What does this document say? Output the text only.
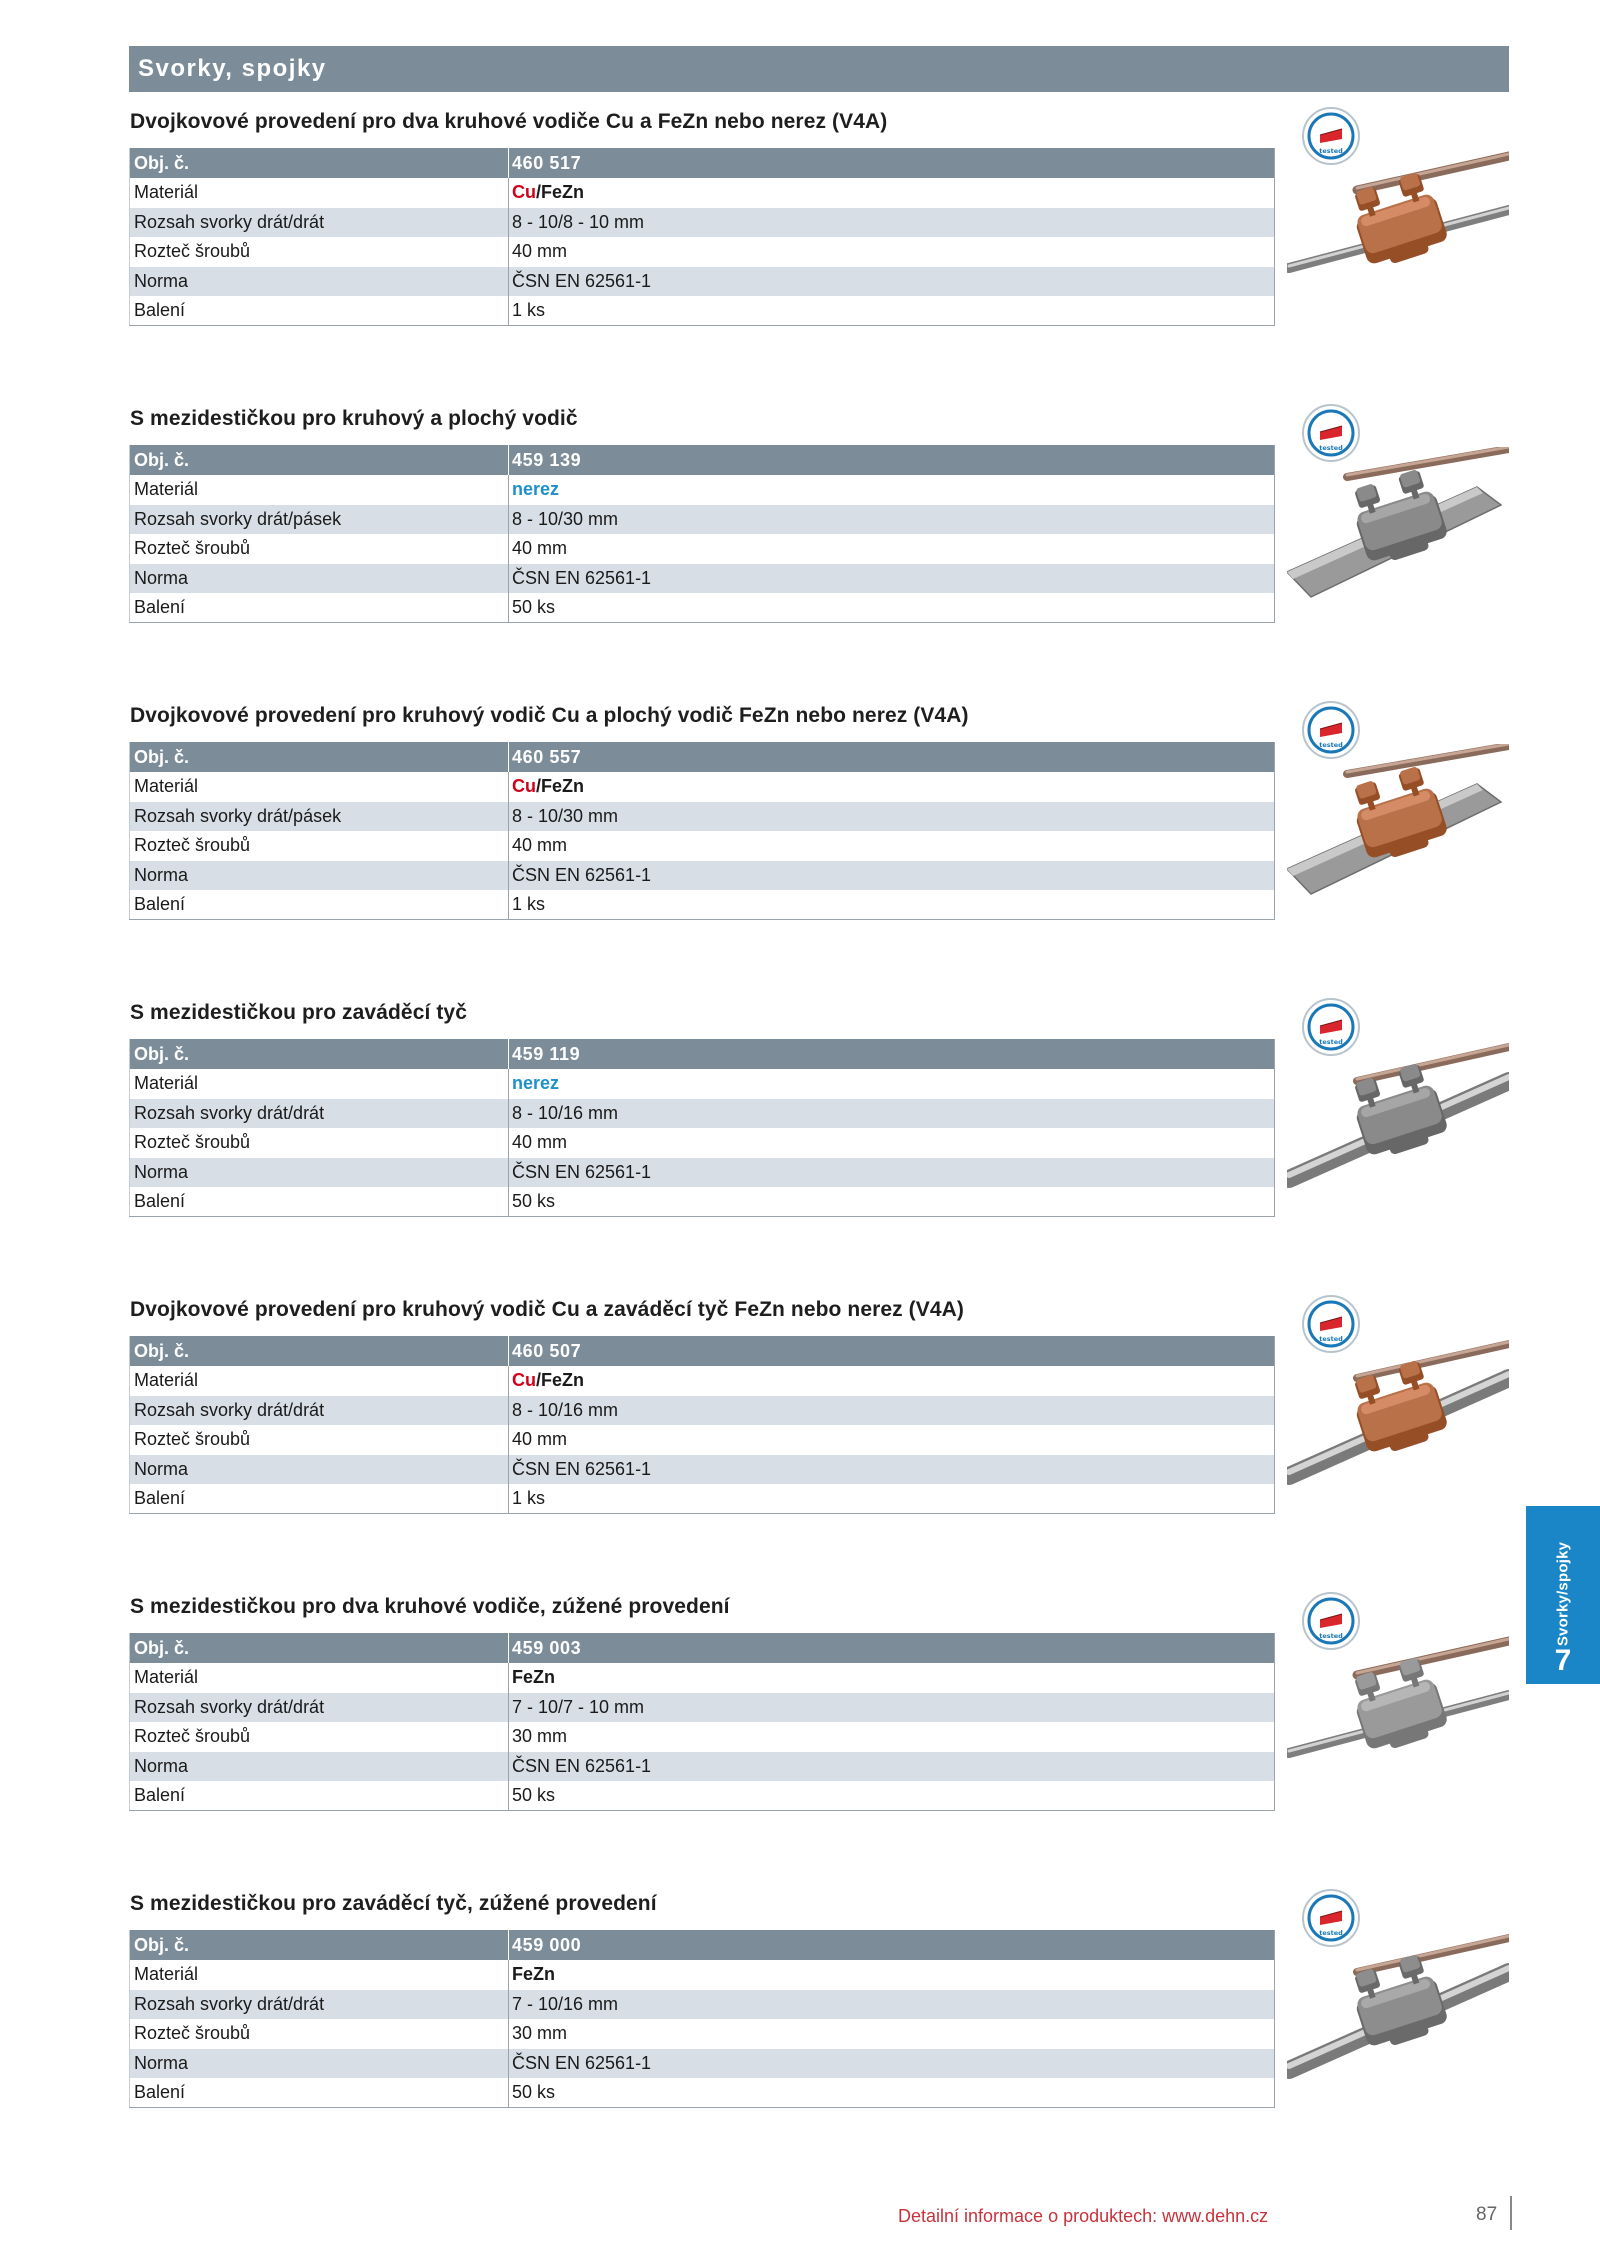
Svorky, spojky
Dvojkovové provedení pro dva kruhové vodiče Cu a FeZn nebo nerez (V4A)
Obj. č.	460 517
Materiál	Cu/FeZn
Rozsah svorky drát/drát	8 - 10/8 - 10 mm
Rozteč šroubů	40 mm
Norma	ČSN EN 62561-1
Balení	1 ks
tested
S mezidestičkou pro kruhový a plochý vodič
Obj. č.	459 139
Materiál	nerez
Rozsah svorky drát/pásek	8 - 10/30 mm
Rozteč šroubů	40 mm
Norma	ČSN EN 62561-1
Balení	50 ks
tested
Dvojkovové provedení pro kruhový vodič Cu a plochý vodič FeZn nebo nerez (V4A)
Obj. č.	460 557
Materiál	Cu/FeZn
Rozsah svorky drát/pásek	8 - 10/30 mm
Rozteč šroubů	40 mm
Norma	ČSN EN 62561-1
Balení	1 ks
tested
S mezidestičkou pro zaváděcí tyč
Obj. č.	459 119
Materiál	nerez
Rozsah svorky drát/drát	8 - 10/16 mm
Rozteč šroubů	40 mm
Norma	ČSN EN 62561-1
Balení	50 ks
tested
Dvojkovové provedení pro kruhový vodič Cu a zaváděcí tyč FeZn nebo nerez (V4A)
Obj. č.	460 507
Materiál	Cu/FeZn
Rozsah svorky drát/drát	8 - 10/16 mm
Rozteč šroubů	40 mm
Norma	ČSN EN 62561-1
Balení	1 ks
tested
S mezidestičkou pro dva kruhové vodiče, zúžené provedení
Obj. č.	459 003
Materiál	FeZn
Rozsah svorky drát/drát	7 - 10/7 - 10 mm
Rozteč šroubů	30 mm
Norma	ČSN EN 62561-1
Balení	50 ks
tested
S mezidestičkou pro zaváděcí tyč, zúžené provedení
Obj. č.	459 000
Materiál	FeZn
Rozsah svorky drát/drát	7 - 10/16 mm
Rozteč šroubů	30 mm
Norma	ČSN EN 62561-1
Balení	50 ks
tested
Svorky/spojky
7
Detailní informace o produktech: www.dehn.cz	87
